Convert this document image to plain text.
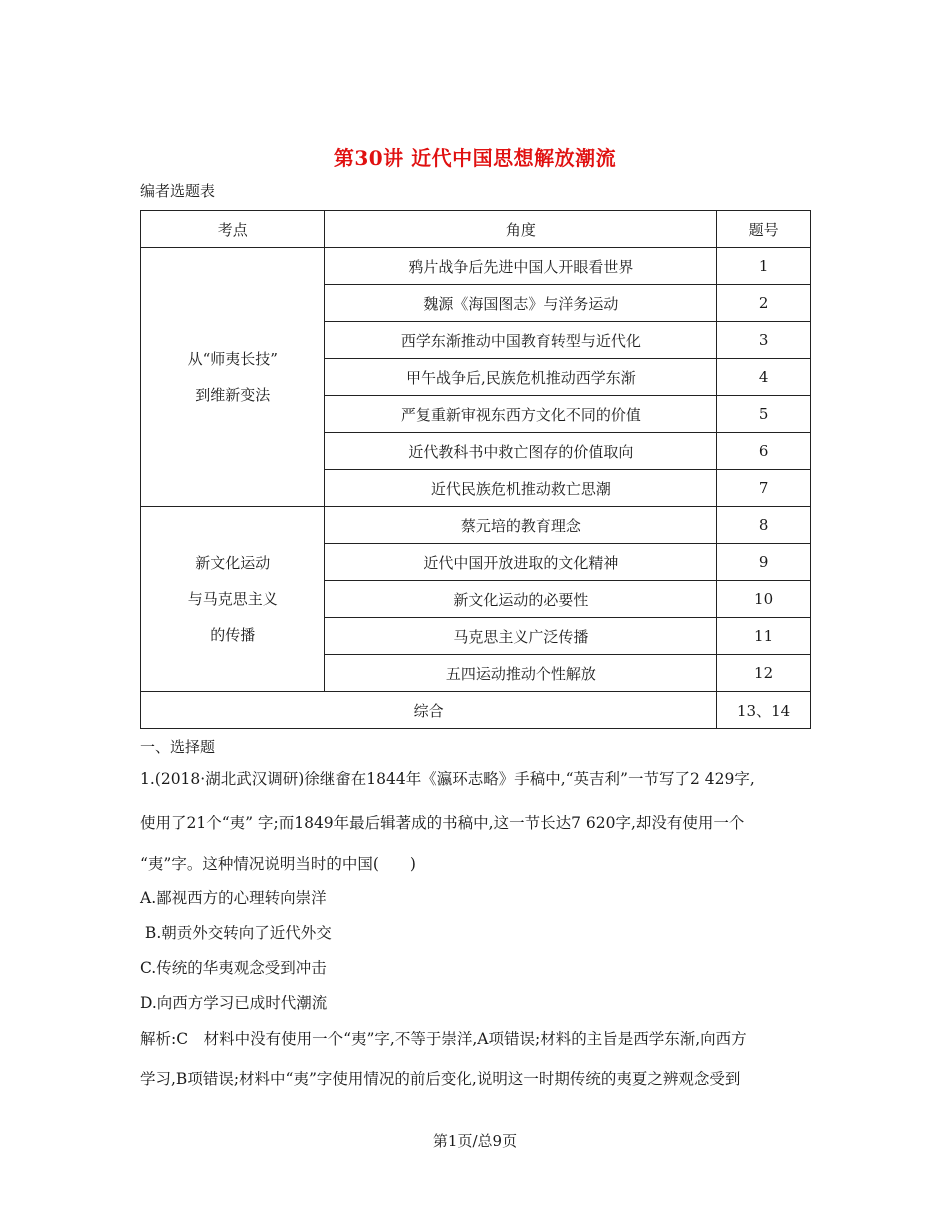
第30讲 近代中国思想解放潮流
编者选题表
考点	角度	题号

从“师夷长技”
到维新变法	鸦片战争后先进中国人开眼看世界	1
	魏源《海国图志》与洋务运动	2
	西学东渐推动中国教育转型与近代化	3
	甲午战争后,民族危机推动西学东渐	4
	严复重新审视东西方文化不同的价值	5
	近代教科书中救亡图存的价值取向	6
	近代民族危机推动救亡思潮	7

新文化运动
与马克思主义
的传播	蔡元培的教育理念	8
	近代中国开放进取的文化精神	9
	新文化运动的必要性	10
	马克思主义广泛传播	11
	五四运动推动个性解放	12
综合		13、14
一、选择题
1.(2018·湖北武汉调研)徐继畲在1844年《瀛环志略》手稿中,“英吉利”一节写了2 429字,
使用了21个“夷” 字;而1849年最后辑著成的书稿中,这一节长达7 620字,却没有使用一个
“夷”字。这种情况说明当时的中国(　　)
A.鄙视西方的心理转向崇洋
B.朝贡外交转向了近代外交
C.传统的华夷观念受到冲击
D.向西方学习已成时代潮流
解析:C　材料中没有使用一个“夷”字,不等于崇洋,A项错误;材料的主旨是西学东渐,向西方
学习,B项错误;材料中“夷”字使用情况的前后变化,说明这一时期传统的夷夏之辨观念受到
第1页/总9页
